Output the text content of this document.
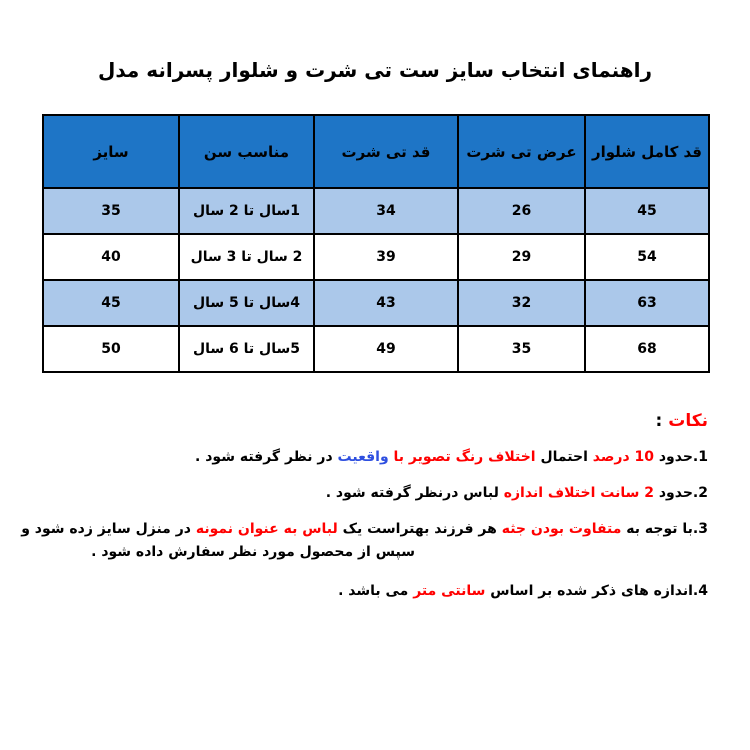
راهنمای انتخاب سایز ست تی شرت و شلوار پسرانه مدل
سایز	مناسب سن	قد تی شرت	عرض تی شرت	قد کامل شلوار
35	1سال تا 2 سال	34	26	45
40	2 سال تا 3 سال	39	29	54
45	4سال تا 5 سال	43	32	63
50	5سال تا 6 سال	49	35	68
نکات :
1.حدود 10 درصد احتمال اختلاف رنگ تصویر با واقعیت در نظر گرفته شود .
2.حدود 2 سانت اختلاف اندازه لباس درنظر گرفته شود .
3.با توجه به متفاوت بودن جثه هر فرزند بهتراست یک لباس به عنوان نمونه در منزل سایز زده شود و
سپس از محصول مورد نظر سفارش داده شود .
4.اندازه های ذکر شده بر اساس سانتی متر می باشد .
